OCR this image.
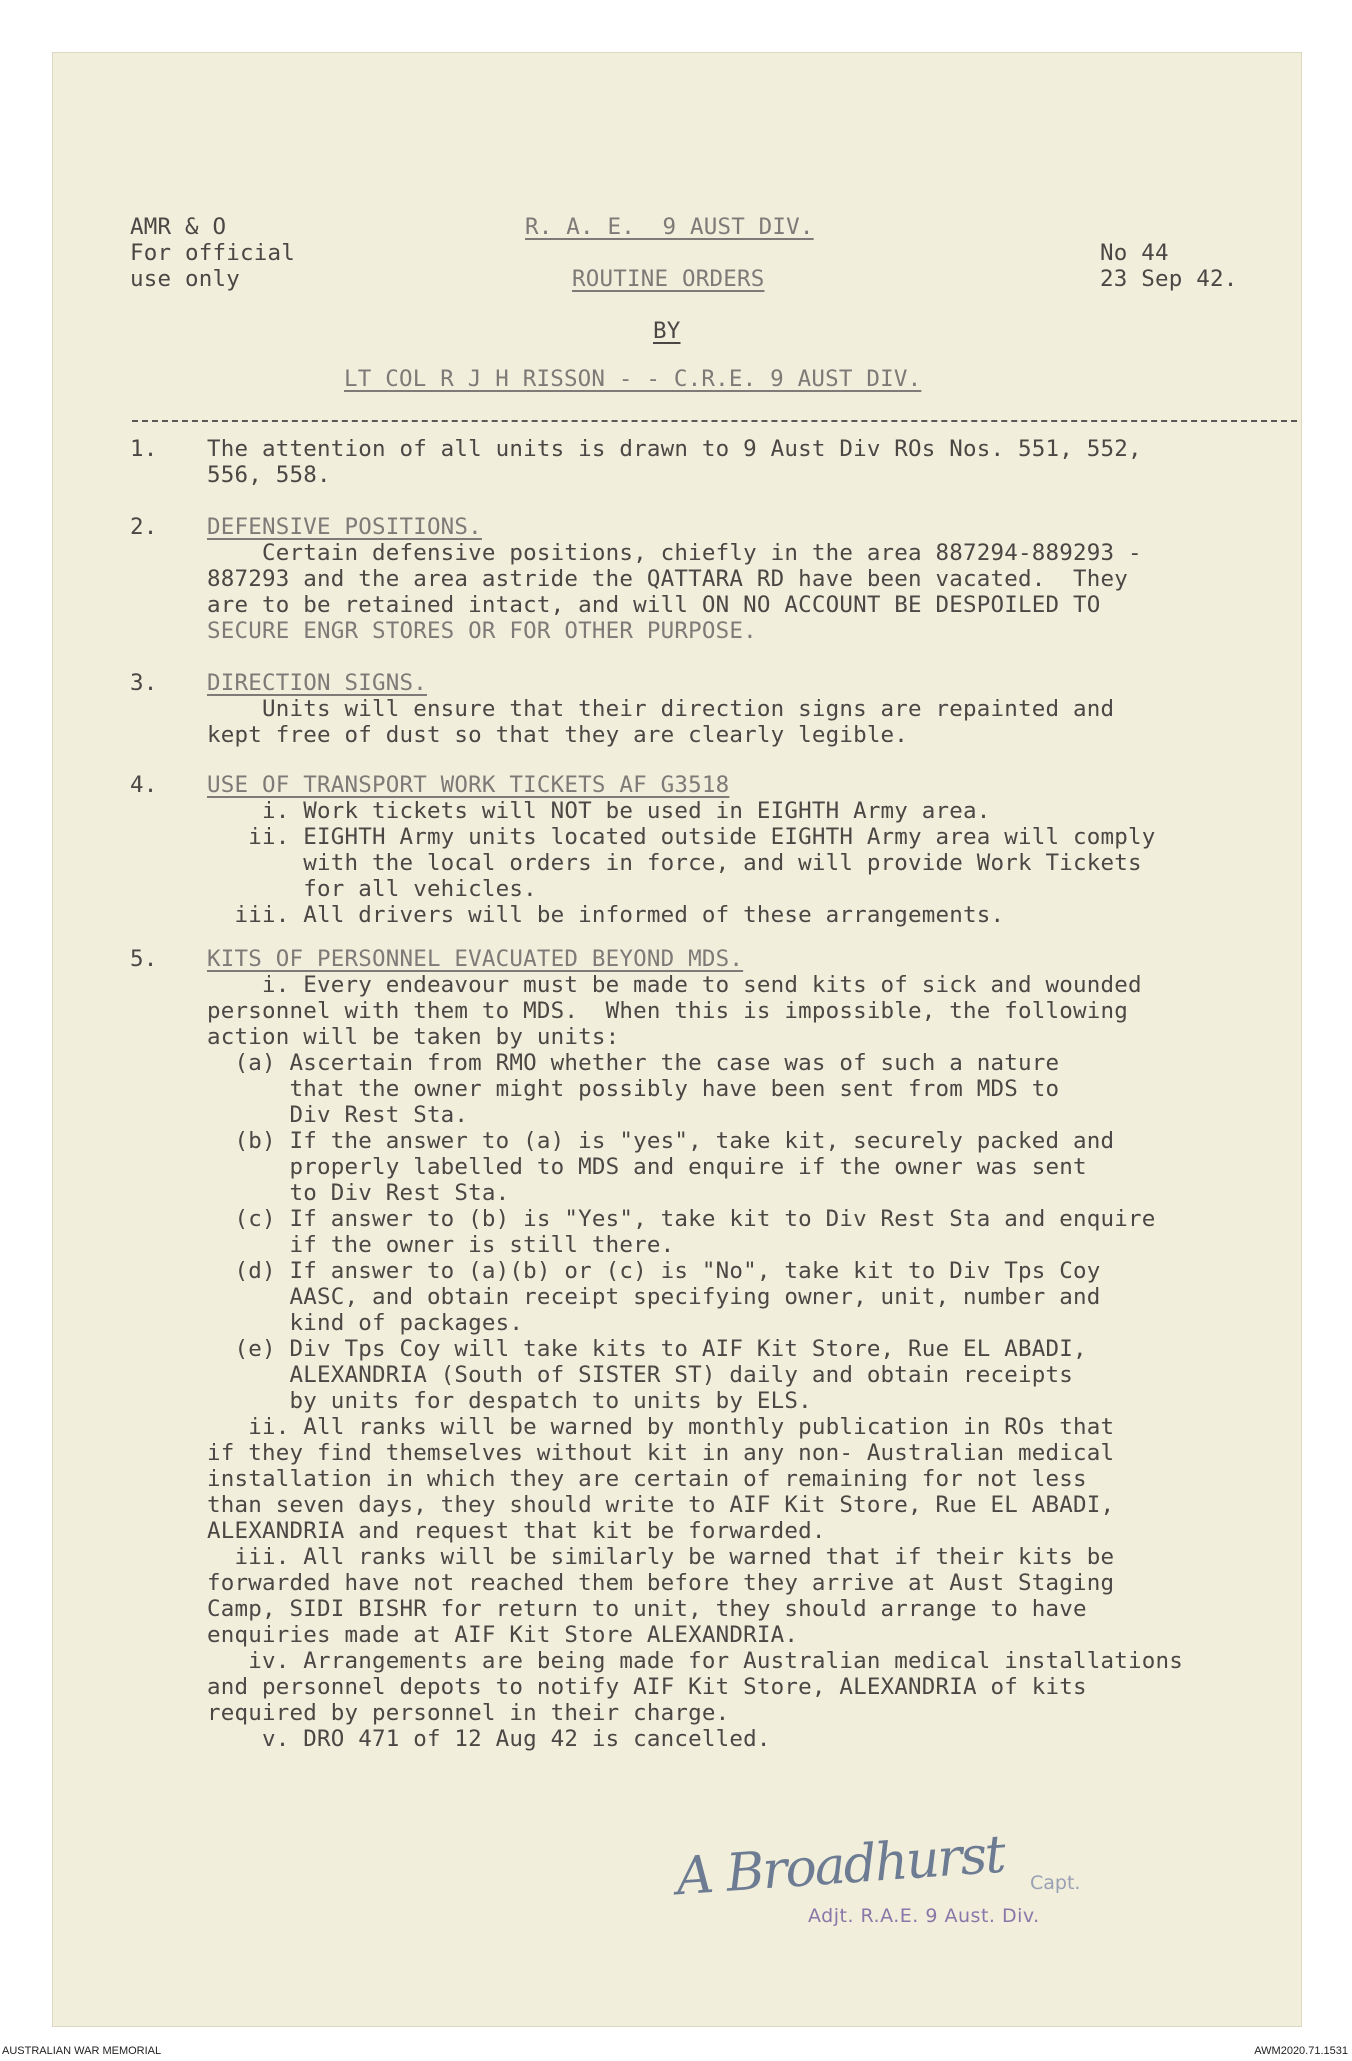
AMR & O
For official
use only
R. A. E.  9 AUST DIV.
ROUTINE ORDERS
BY
LT COL R J H RISSON - - C.R.E. 9 AUST DIV.
No 44
23 Sep 42.
1. The attention of all units is drawn to 9 Aust Div ROs Nos. 551, 552,
556, 558.
2. DEFENSIVE POSITIONS.
Certain defensive positions, chiefly in the area 887294-889293 -
887293 and the area astride the QATTARA RD have been vacated.  They
are to be retained intact, and will ON NO ACCOUNT BE DESPOILED TO
SECURE ENGR STORES OR FOR OTHER PURPOSE.
3. DIRECTION SIGNS.
Units will ensure that their direction signs are repainted and
kept free of dust so that they are clearly legible.
4. USE OF TRANSPORT WORK TICKETS AF G3518
i. Work tickets will NOT be used in EIGHTH Army area.
ii. EIGHTH Army units located outside EIGHTH Army area will comply
with the local orders in force, and will provide Work Tickets
for all vehicles.
iii. All drivers will be informed of these arrangements.
5. KITS OF PERSONNEL EVACUATED BEYOND MDS.
i. Every endeavour must be made to send kits of sick and wounded
personnel with them to MDS.  When this is impossible, the following
action will be taken by units:
(a) Ascertain from RMO whether the case was of such a nature
that the owner might possibly have been sent from MDS to
Div Rest Sta.
(b) If the answer to (a) is "yes", take kit, securely packed and
properly labelled to MDS and enquire if the owner was sent
to Div Rest Sta.
(c) If answer to (b) is "Yes", take kit to Div Rest Sta and enquire
if the owner is still there.
(d) If answer to (a)(b) or (c) is "No", take kit to Div Tps Coy
AASC, and obtain receipt specifying owner, unit, number and
kind of packages.
(e) Div Tps Coy will take kits to AIF Kit Store, Rue EL ABADI,
ALEXANDRIA (South of SISTER ST) daily and obtain receipts
by units for despatch to units by ELS.
ii. All ranks will be warned by monthly publication in ROs that
if they find themselves without kit in any non- Australian medical
installation in which they are certain of remaining for not less
than seven days, they should write to AIF Kit Store, Rue EL ABADI,
ALEXANDRIA and request that kit be forwarded.
iii. All ranks will be similarly be warned that if their kits be
forwarded have not reached them before they arrive at Aust Staging
Camp, SIDI BISHR for return to unit, they should arrange to have
enquiries made at AIF Kit Store ALEXANDRIA.
iv. Arrangements are being made for Australian medical installations
and personnel depots to notify AIF Kit Store, ALEXANDRIA of kits
required by personnel in their charge.
v. DRO 471 of 12 Aug 42 is cancelled.
A Broadhurst Capt.
Adjt. R.A.E. 9 Aust. Div.
AUSTRALIAN WAR MEMORIAL	AWM2020.71.1531
